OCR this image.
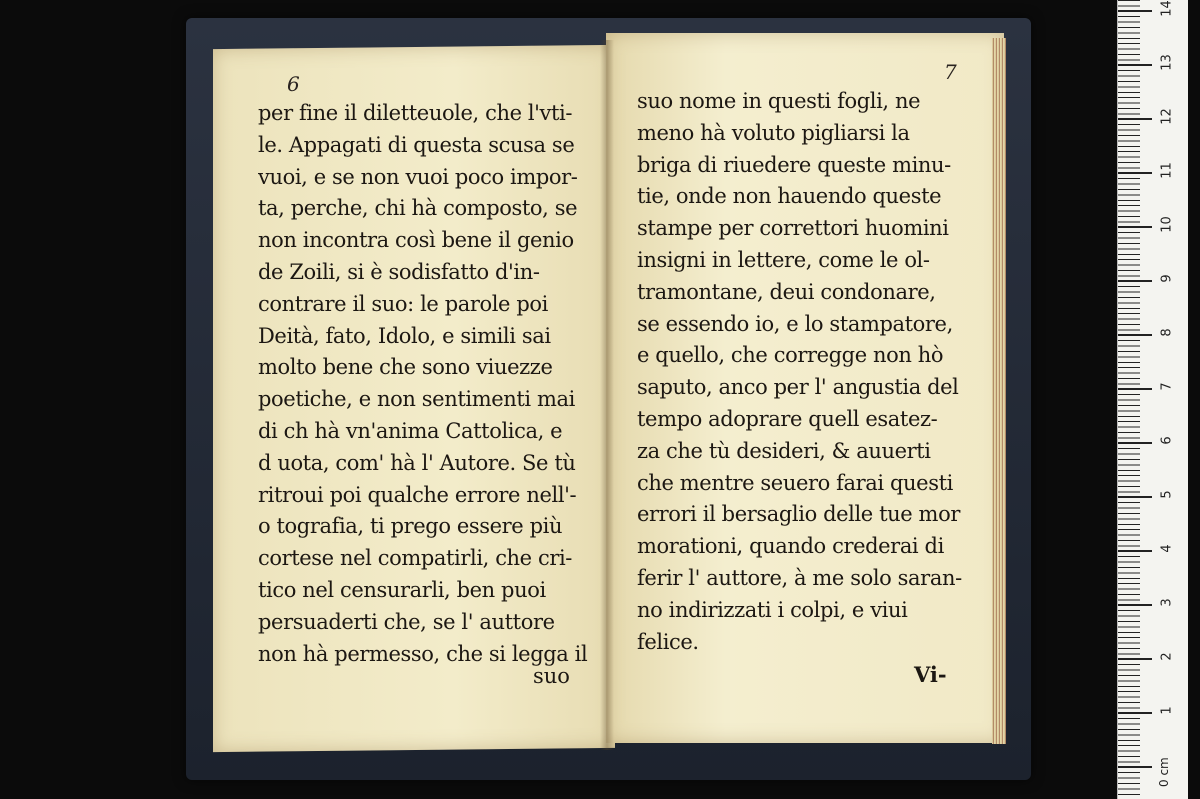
6	7
per fine il diletteuole, che l'vti-
le. Appagati di questa scusa se
vuoi, e se non vuoi poco impor-
ta, perche, chi hà composto, se
non incontra così bene il genio
de Zoili, si è sodisfatto d'in-
contrare il suo: le parole poi
Deità, fato, Idolo, e simili sai
molto bene che sono viuezze
poetiche, e non sentimenti mai
di ch hà vn'anima Cattolica, e
d uota, com' hà l' Autore. Se tù
ritroui poi qualche errore nell'-
o tografia, ti prego essere più
cortese nel compatirli, che cri-
tico nel censurarli, ben puoi
persuaderti che, se l' auttore
non hà permesso, che si legga il
suo nome in questi fogli, ne
meno hà voluto pigliarsi la
briga di riuedere queste minu-
tie, onde non hauendo queste
stampe per correttori huomini
insigni in lettere, come le ol-
tramontane, deui condonare,
se essendo io, e lo stampatore,
e quello, che corregge non hò
saputo, anco per l' angustia del
tempo adoprare quell esatez-
za che tù desideri, & auuerti
che mentre seuero farai questi
errori il bersaglio delle tue mor
morationi, quando crederai di
ferir l' auttore, à me solo saran-
no indirizzati i colpi, e viui
felice.
suo	Vi-
0 cm
1
2
3
4
5
6
7
8
9
10
11
12
13
14
